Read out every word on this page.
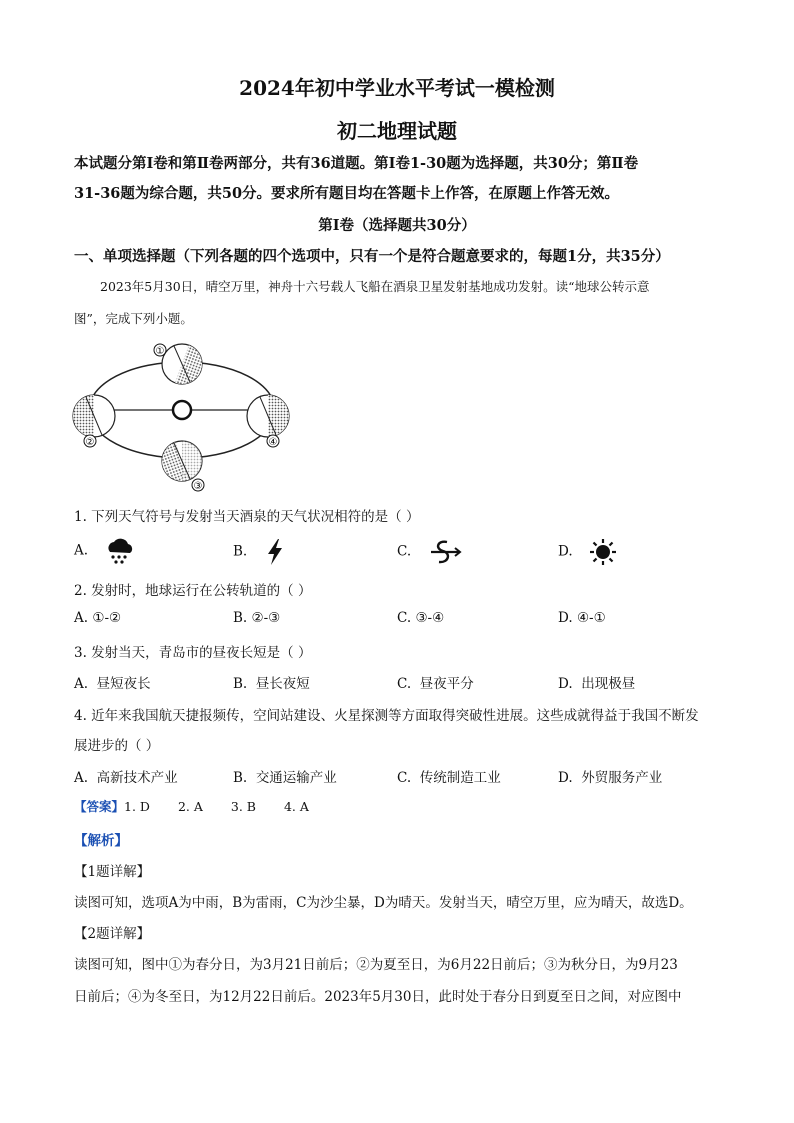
2024年初中学业水平考试一模检测
初二地理试题
本试题分第Ⅰ卷和第Ⅱ卷两部分，共有36道题。第Ⅰ卷1-30题为选择题，共30分；第Ⅱ卷
31-36题为综合题，共50分。要求所有题目均在答题卡上作答，在原题上作答无效。
第Ⅰ卷（选择题共30分）
一、单项选择题（下列各题的四个选项中，只有一个是符合题意要求的，每题1分，共35分）
2023年5月30日，晴空万里，神舟十六号载人飞船在酒泉卫星发射基地成功发射。读“地球公转示意
图”，完成下列小题。
①
②
③
④
1. 下列天气符号与发射当天酒泉的天气状况相符的是（ ）
A.	B.	C.	D.
2. 发射时，地球运行在公转轨道的（ ）
A. ①-②	B. ②-③	C. ③-④	D. ④-①
3. 发射当天，青岛市的昼夜长短是（ ）
A. 昼短夜长	B. 昼长夜短	C. 昼夜平分	D. 出现极昼
4. 近年来我国航天捷报频传，空间站建设、火星探测等方面取得突破性进展。这些成就得益于我国不断发
展进步的（ ）
A. 高新技术产业	B. 交通运输产业	C. 传统制造工业	D. 外贸服务产业
【答案】1. D 2. A 3. B 4. A
【解析】
【1题详解】
读图可知，选项A为中雨，B为雷雨，C为沙尘暴，D为晴天。发射当天，晴空万里，应为晴天，故选D。
【2题详解】
读图可知，图中①为春分日，为3月21日前后；②为夏至日，为6月22日前后；③为秋分日，为9月23
日前后；④为冬至日，为12月22日前后。2023年5月30日，此时处于春分日到夏至日之间，对应图中
